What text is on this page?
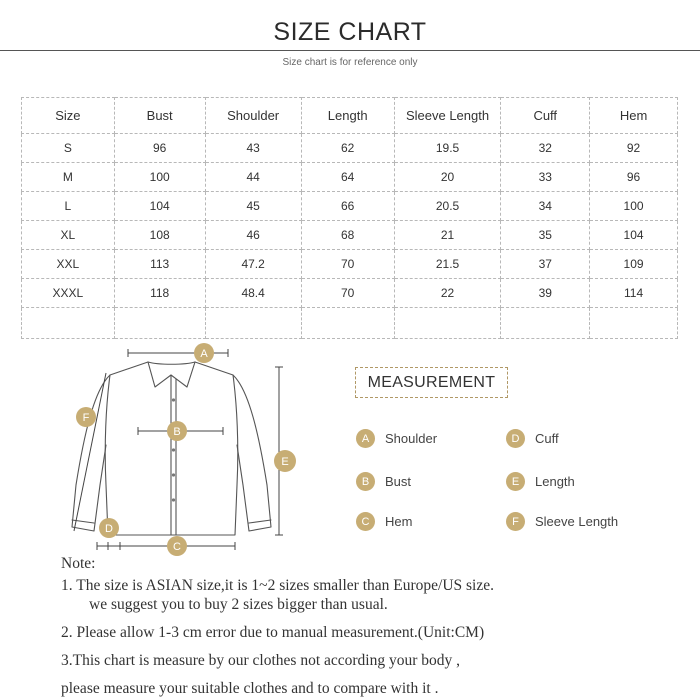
SIZE CHART
Size chart is for reference only
Size	Bust	Shoulder	Length	Sleeve Length	Cuff	Hem
S	96	43	62	19.5	32	92
M	100	44	64	20	33	96
L	104	45	66	20.5	34	100
XL	108	46	68	21	35	104
XXL	113	47.2	70	21.5	37	109
XXXL	118	48.4	70	22	39	114

A
B
C
D
E
F
MEASUREMENT
A	Shoulder
B	Bust
C	Hem
D	Cuff
E	Length
F	Sleeve Length
Note:
1. The size is ASIAN size,it is 1~2 sizes smaller than Europe/US size.
we suggest you to buy 2 sizes bigger than usual.
2. Please allow 1-3 cm error due to manual measurement.(Unit:CM)
3.This chart is measure by our clothes not according your body ,
please measure your suitable clothes and to compare with it .
